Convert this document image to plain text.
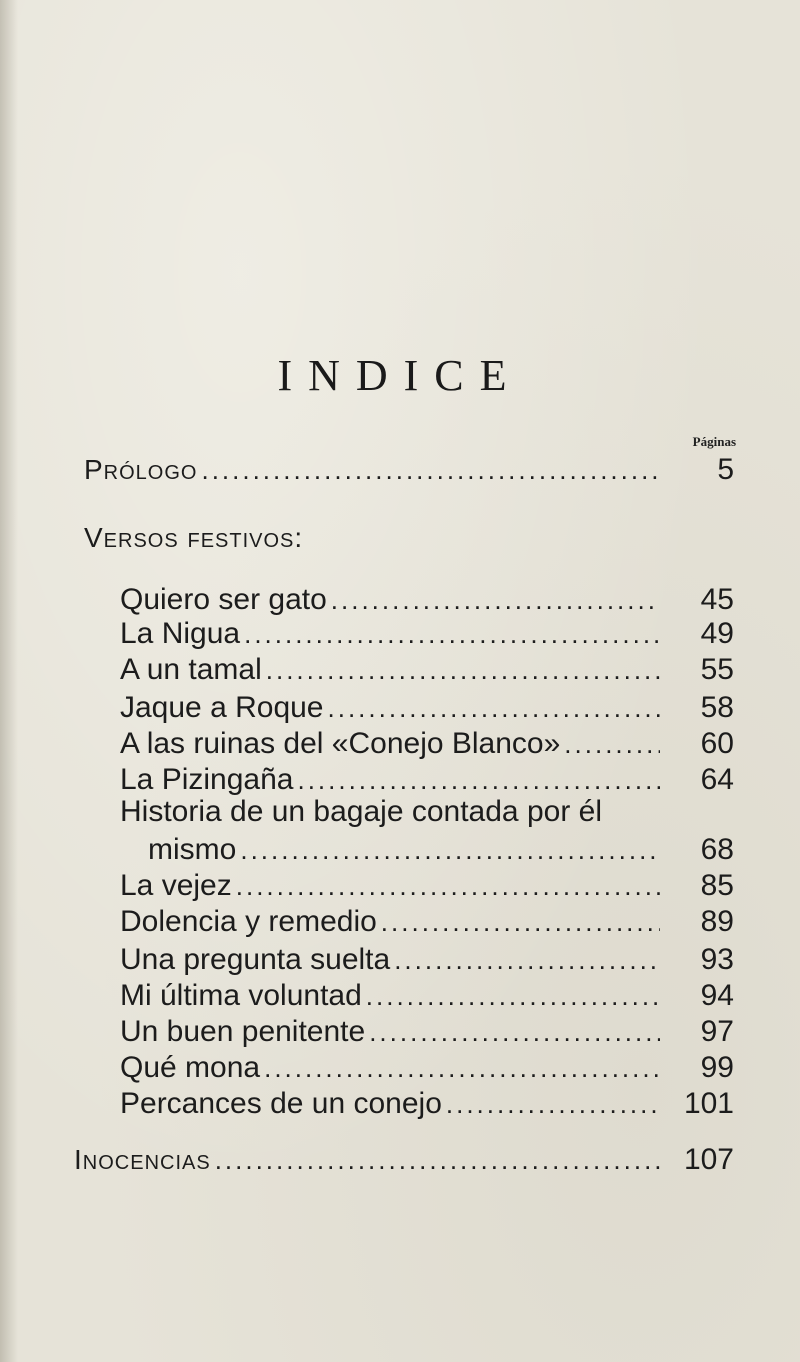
INDICE
Páginas
Prólogo .....	5
Versos festivos:
Quiero ser gato .....	45
La Nigua .....	49
A un tamal .....	55
Jaque a Roque .....	58
A las ruinas del «Conejo Blanco» .....	60
La Pizingaña .....	64
Historia de un bagaje contada por él
mismo .....	68
La vejez .....	85
Dolencia y remedio .....	89
Una pregunta suelta .....	93
Mi última voluntad .....	94
Un buen penitente .....	97
Qué mona .....	99
Percances de un conejo .....	101
Inocencias .....	107
